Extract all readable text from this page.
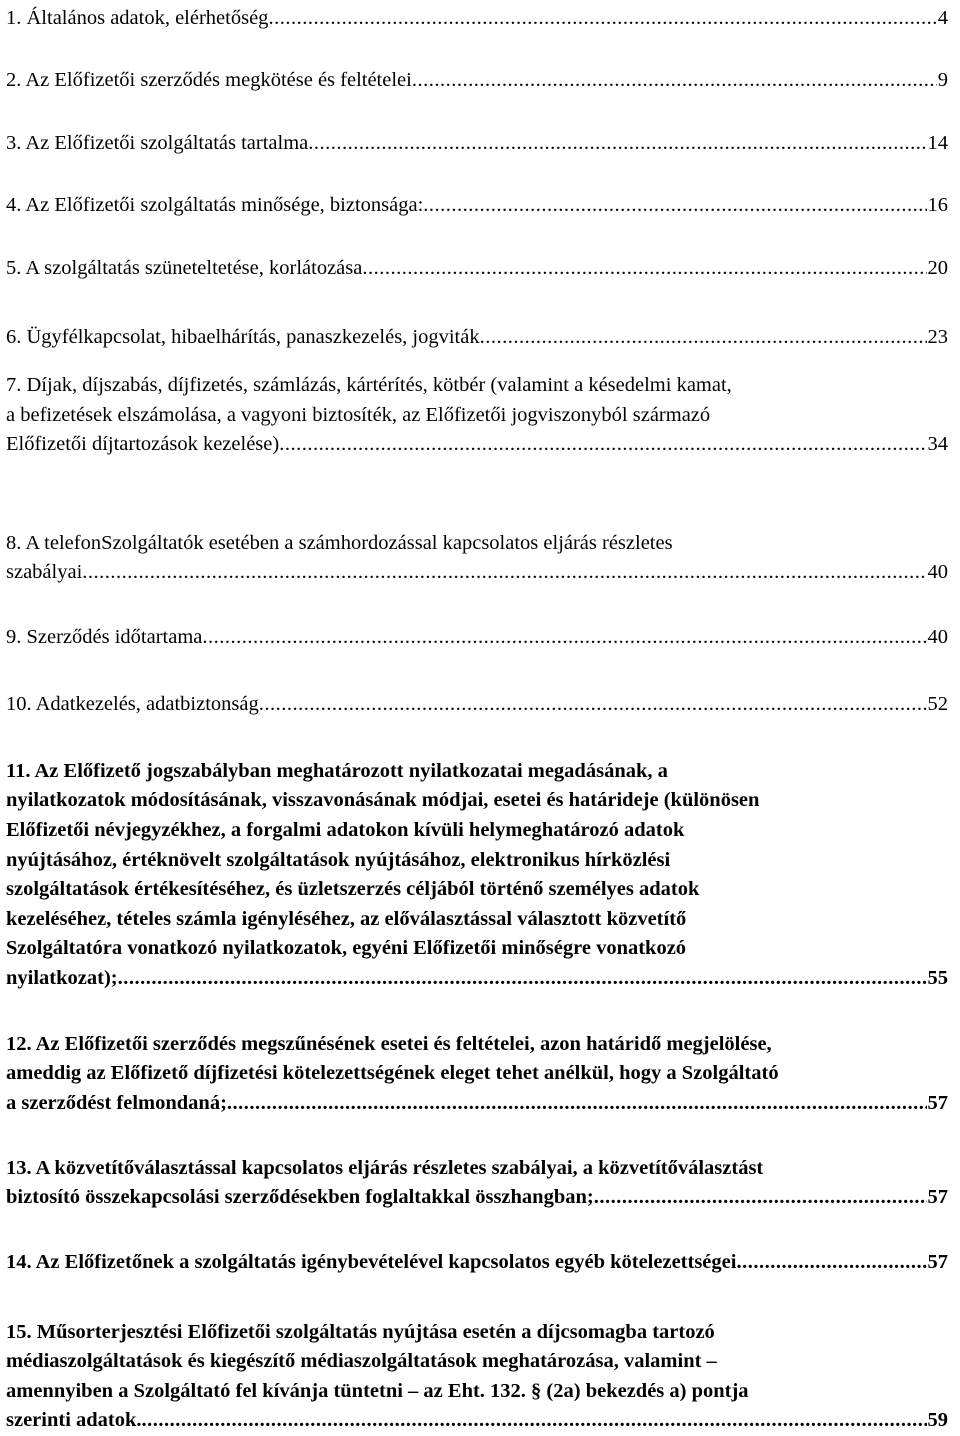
1. Általános adatok, elérhetőség .....	4
2. Az Előfizetői szerződés megkötése és feltételei .....	9
3. Az Előfizetői szolgáltatás tartalma .....	14
4. Az Előfizetői szolgáltatás minősége, biztonsága: .....	16
5. A szolgáltatás szüneteltetése, korlátozása .....	20
6. Ügyfélkapcsolat, hibaelhárítás, panaszkezelés, jogviták .....	23
7. Díjak, díjszabás, díjfizetés, számlázás, kártérítés, kötbér (valamint a késedelmi kamat,
a befizetések elszámolása, a vagyoni biztosíték, az Előfizetői jogviszonyból származó
Előfizetői díjtartozások kezelése) .....	34
8. A telefonSzolgáltatók esetében a számhordozással kapcsolatos eljárás részletes
szabályai .....	40
9. Szerződés időtartama .....	40
10. Adatkezelés, adatbiztonság .....	52
11. Az Előfizető jogszabályban meghatározott nyilatkozatai megadásának, a
nyilatkozatok módosításának, visszavonásának módjai, esetei és határideje (különösen
Előfizetői névjegyzékhez, a forgalmi adatokon kívüli helymeghatározó adatok
nyújtásához, értéknövelt szolgáltatások nyújtásához, elektronikus hírközlési
szolgáltatások értékesítéséhez, és üzletszerzés céljából történő személyes adatok
kezeléséhez, tételes számla igényléséhez, az előválasztással választott közvetítő
Szolgáltatóra vonatkozó nyilatkozatok, egyéni Előfizetői minőségre vonatkozó
nyilatkozat); .....	55
12. Az Előfizetői szerződés megszűnésének esetei és feltételei, azon határidő megjelölése,
ameddig az Előfizető díjfizetési kötelezettségének eleget tehet anélkül, hogy a Szolgáltató
a szerződést felmondaná; .....	57
13. A közvetítőválasztással kapcsolatos eljárás részletes szabályai, a közvetítőválasztást
biztosító összekapcsolási szerződésekben foglaltakkal összhangban; .....	57
14. Az Előfizetőnek a szolgáltatás igénybevételével kapcsolatos egyéb kötelezettségei .....	57
15. Műsorterjesztési Előfizetői szolgáltatás nyújtása esetén a díjcsomagba tartozó
médiaszolgáltatások és kiegészítő médiaszolgáltatások meghatározása, valamint –
amennyiben a Szolgáltató fel kívánja tüntetni – az Eht. 132. § (2a) bekezdés a) pontja
szerinti adatok. .....	59
